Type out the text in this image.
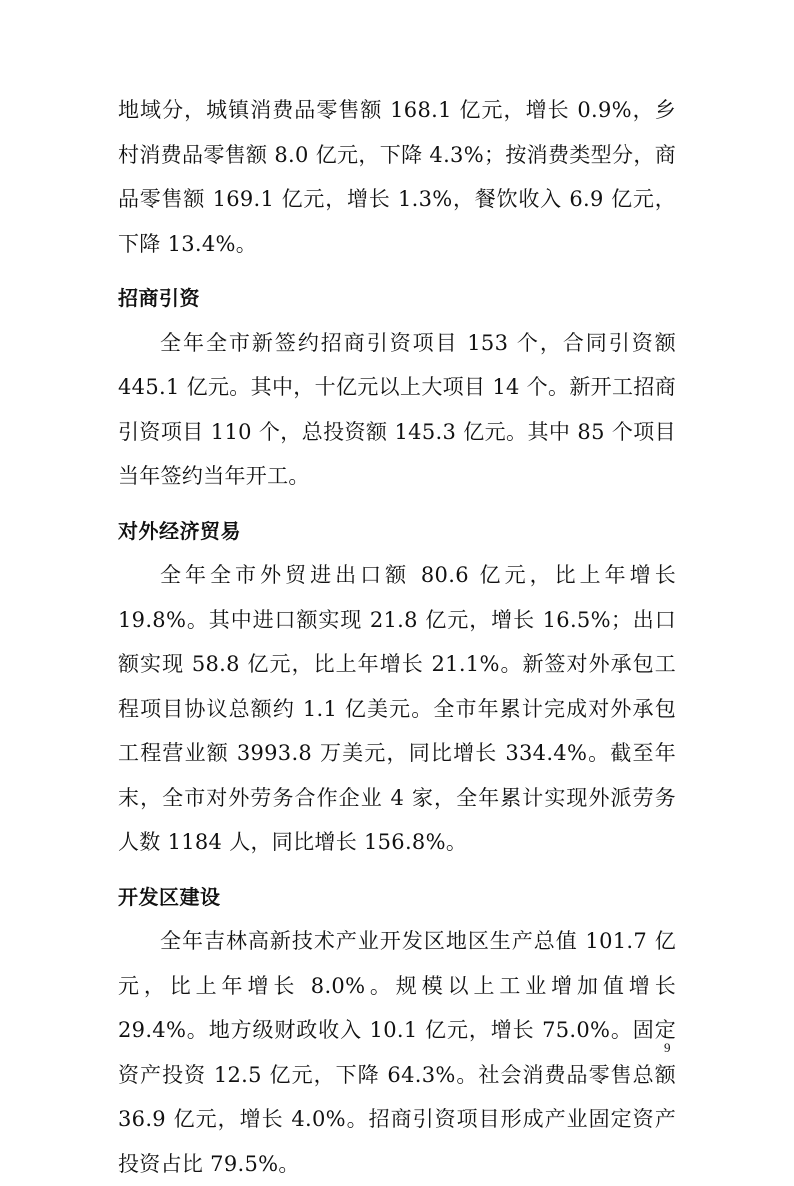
地域分，城镇消费品零售额 168.1 亿元，增长 0.9%，乡村消费品零售额 8.0 亿元，下降 4.3%；按消费类型分，商品零售额 169.1 亿元，增长 1.3%，餐饮收入 6.9 亿元，下降 13.4%。

招商引资

全年全市新签约招商引资项目 153 个，合同引资额 445.1 亿元。其中，十亿元以上大项目 14 个。新开工招商引资项目 110 个，总投资额 145.3 亿元。其中 85 个项目当年签约当年开工。

对外经济贸易

全年全市外贸进出口额 80.6 亿元，比上年增长 19.8%。其中进口额实现 21.8 亿元，增长 16.5%；出口额实现 58.8 亿元，比上年增长 21.1%。新签对外承包工程项目协议总额约 1.1 亿美元。全市年累计完成对外承包工程营业额 3993.8 万美元，同比增长 334.4%。截至年末，全市对外劳务合作企业 4 家，全年累计实现外派劳务人数 1184 人，同比增长 156.8%。

开发区建设

全年吉林高新技术产业开发区地区生产总值 101.7 亿元，比上年增长 8.0%。规模以上工业增加值增长 29.4%。地方级财政收入 10.1 亿元，增长 75.0%。固定资产投资 12.5 亿元，下降 64.3%。社会消费品零售总额 36.9 亿元，增长 4.0%。招商引资项目形成产业固定资产投资占比 79.5%。

9
